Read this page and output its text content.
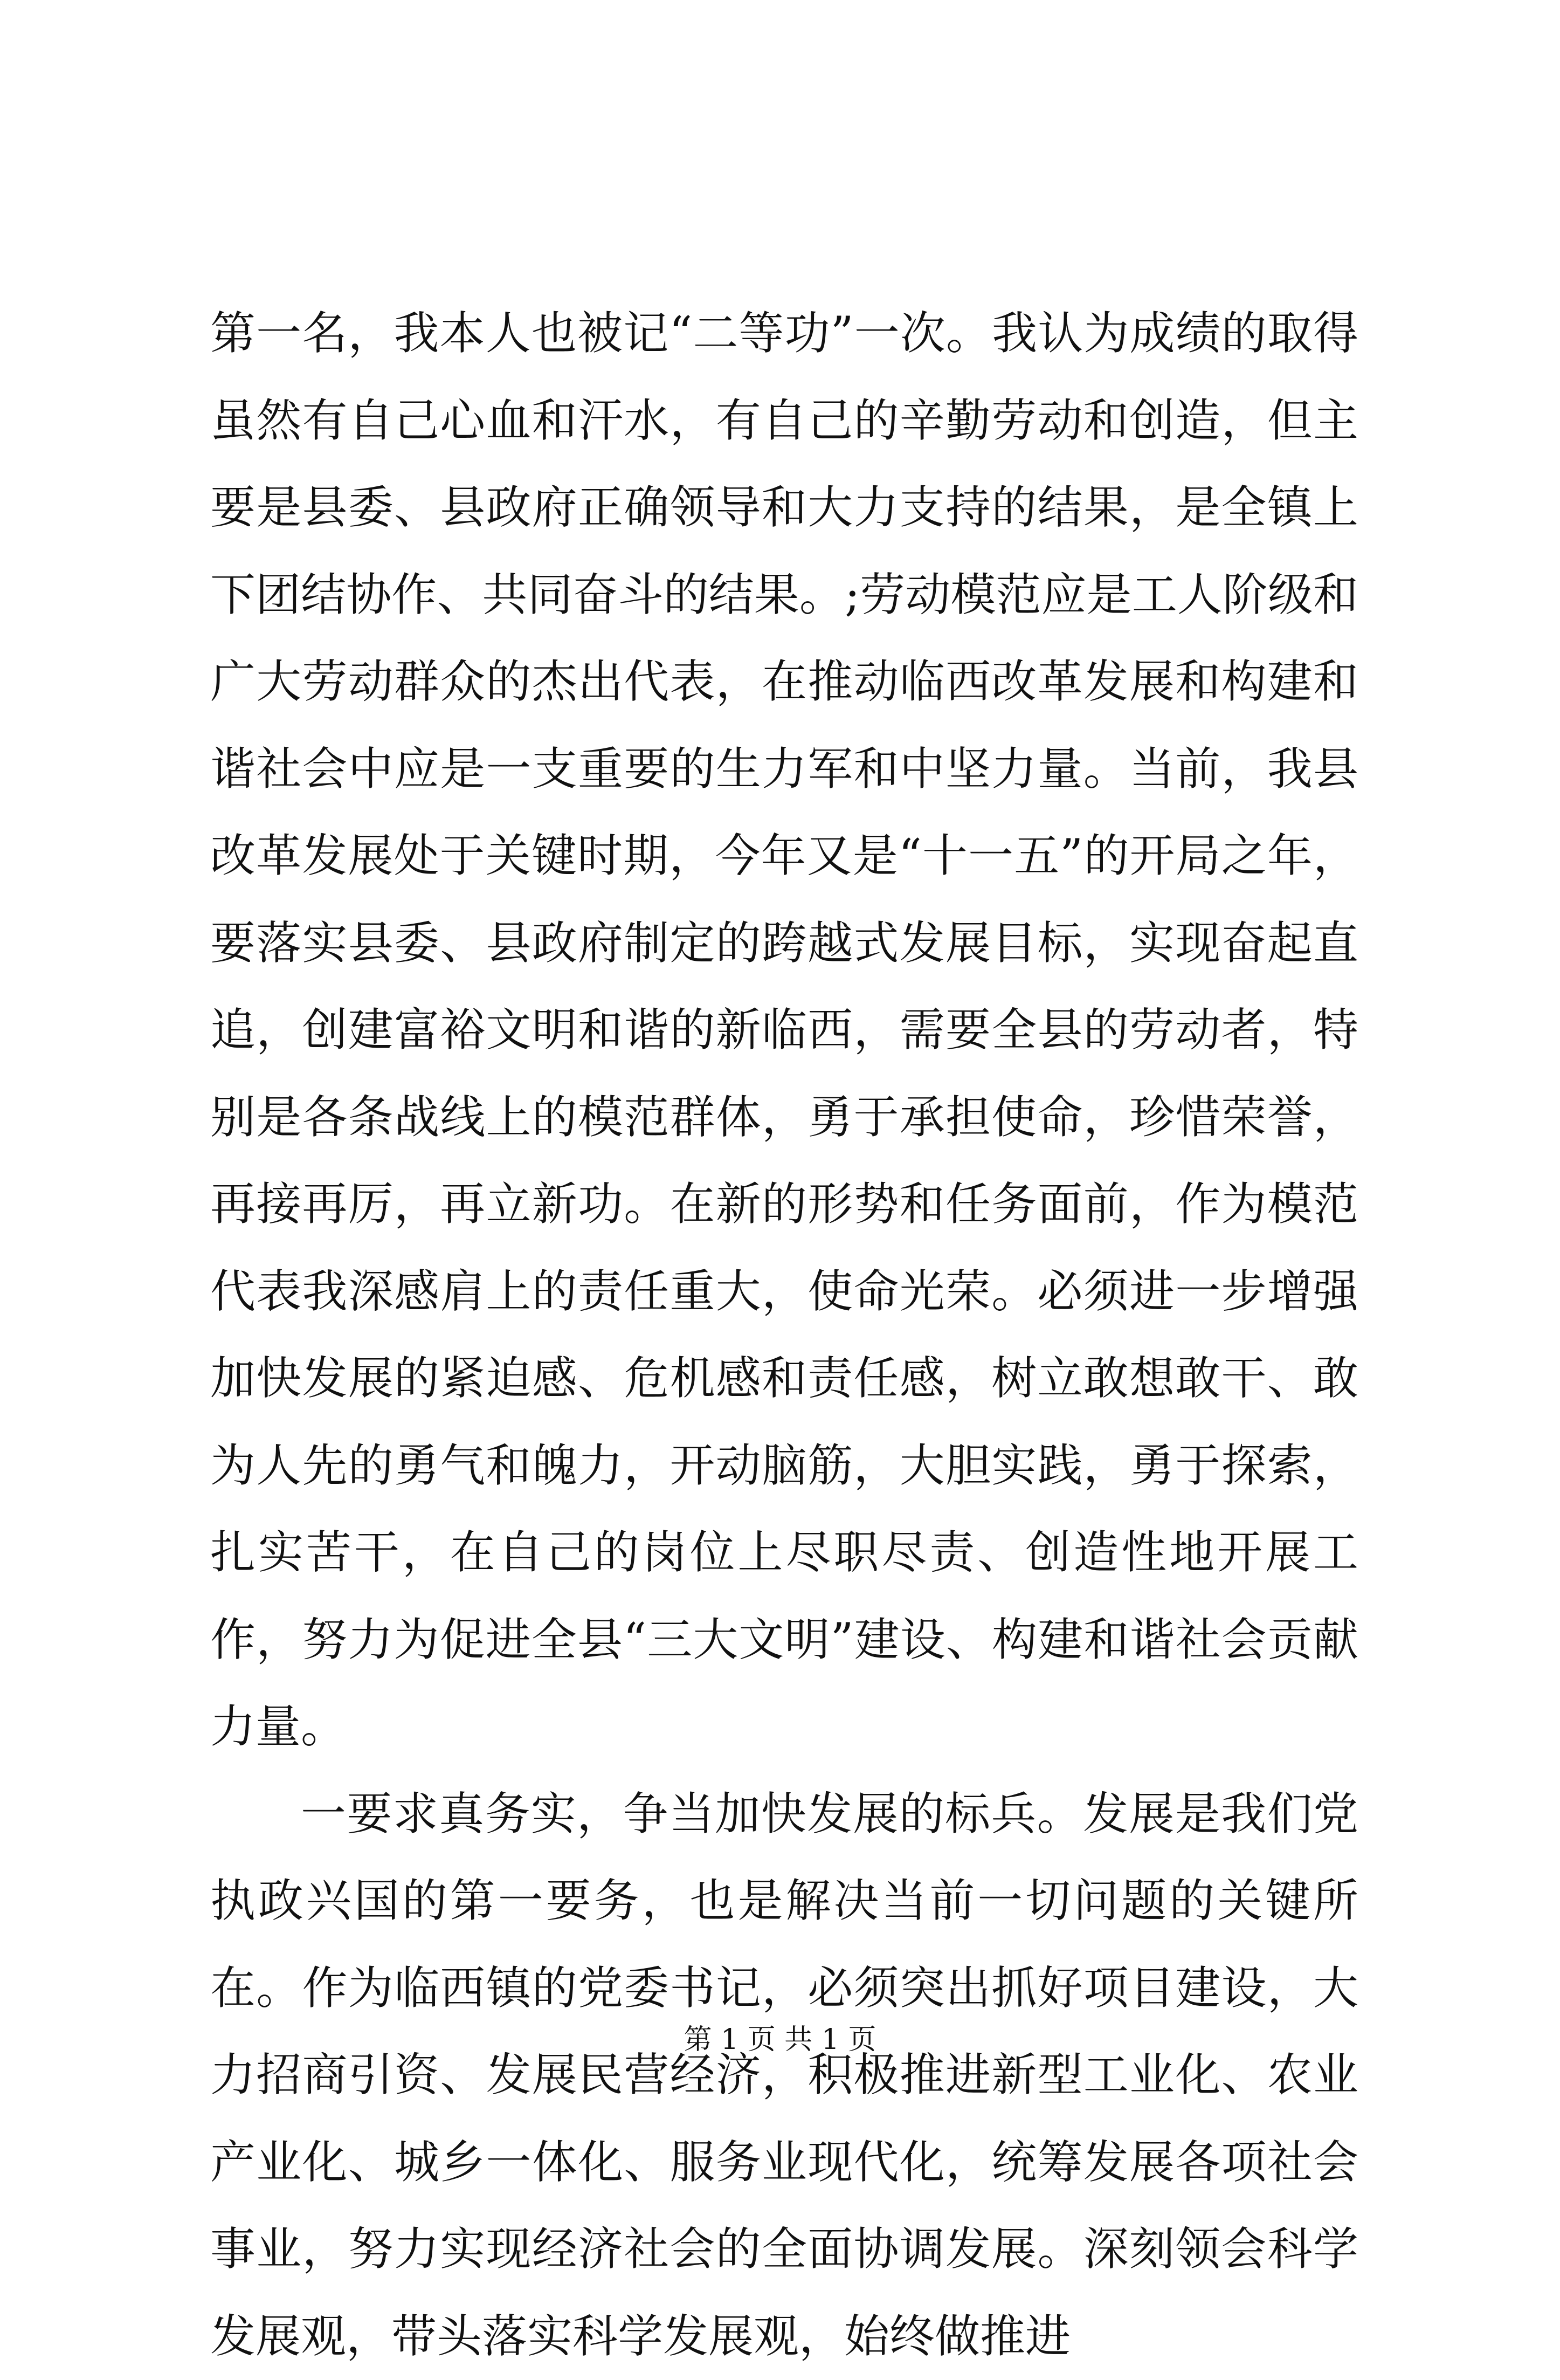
第一名，我本人也被记“二等功”一次。我认为成绩的取得虽然有自己心血和汗水，有自己的辛勤劳动和创造，但主要是县委、县政府正确领导和大力支持的结果，是全镇上下团结协作、共同奋斗的结果。;劳动模范应是工人阶级和广大劳动群众的杰出代表，在推动临西改革发展和构建和谐社会中应是一支重要的生力军和中坚力量。当前，我县改革发展处于关键时期，今年又是“十一五”的开局之年，要落实县委、县政府制定的跨越式发展目标，实现奋起直追，创建富裕文明和谐的新临西，需要全县的劳动者，特别是各条战线上的模范群体，勇于承担使命，珍惜荣誉，再接再厉，再立新功。在新的形势和任务面前，作为模范代表我深感肩上的责任重大，使命光荣。必须进一步增强加快发展的紧迫感、危机感和责任感，树立敢想敢干、敢为人先的勇气和魄力，开动脑筋，大胆实践，勇于探索，扎实苦干，在自己的岗位上尽职尽责、创造性地开展工作，努力为促进全县“三大文明”建设、构建和谐社会贡献力量。

一要求真务实，争当加快发展的标兵。发展是我们党执政兴国的第一要务，也是解决当前一切问题的关键所在。作为临西镇的党委书记，必须突出抓好项目建设，大力招商引资、发展民营经济，积极推进新型工业化、农业产业化、城乡一体化、服务业现代化，统筹发展各项社会事业，努力实现经济社会的全面协调发展。深刻领会科学发展观，带头落实科学发展观，始终做推进

第 1 页 共 1 页
